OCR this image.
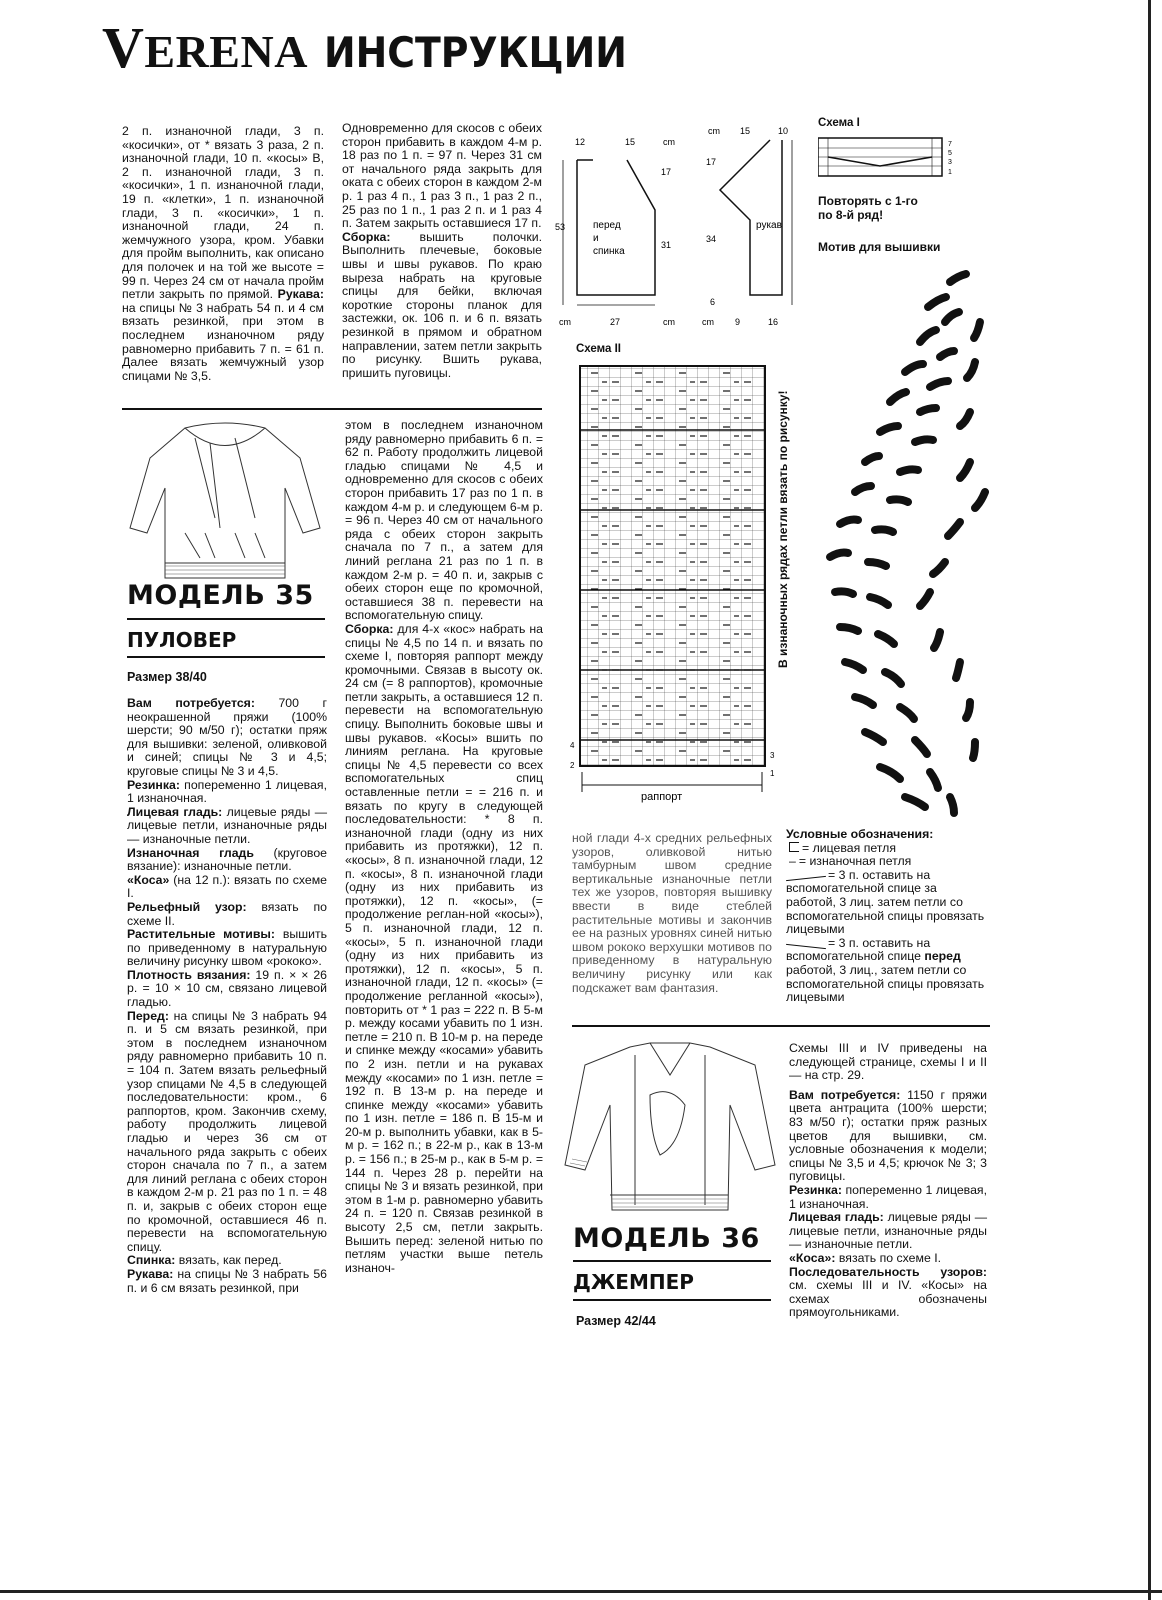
VERENA ИНСТРУКЦИИ

2 п. изнаночной глади, 3 п. «косички», от * вязать 3 раза, 2 п. изнаночной глади, 10 п. «косы» В, 2 п. изнаночной глади, 3 п. «косички», 1 п. изнаночной глади, 19 п. «клетки», 1 п. изнаночной глади, 3 п. «косички», 1 п. изнаночной глади, 24 п. жемчужного узора, кром. Убавки для пройм выполнить, как описано для полочек и на той же высоте = 99 п. Через 24 см от начала пройм петли закрыть по прямой. Рукава: на спицы № 3 набрать 54 п. и 4 см вязать резинкой, при этом в последнем изнаночном ряду равномерно прибавить 7 п. = 61 п. Далее вязать жемчужный узор спицами № 3,5.

Одновременно для скосов с обеих сторон прибавить в каждом 4-м р. 18 раз по 1 п. = 97 п. Через 31 см от начального ряда закрыть для оката с обеих сторон в каждом 2-м р. 1 раз 4 п., 1 раз 3 п., 1 раз 2 п., 25 раз по 1 п., 1 раз 2 п. и 1 раз 4 п. Затем закрыть оставшиеся 17 п.

Сборка: вышить полочки. Выполнить плечевые, боковые швы и швы рукавов. По краю выреза набрать на круговые спицы для бейки, включая короткие стороны планок для застежки, ок. 106 п. и 6 п. вязать резинкой в прямом и обратном направлении, затем петли закрыть по рисунку. Вшить рукава, пришить пуговицы.

12	15	cm
53
17
31
перед
и
спинка
cm	27	cm
cm 15	10
17
34
6
рукав
cm 9	16
Схема I
7
5
3
1
Повторять с 1-го по 8-й ряд!
Мотив для вышивки
Схема II
раппорт
4
2
3
1
В изнаночных рядах петли вязать по рисунку!
МОДЕЛЬ 35
ПУЛОВЕР
Размер 38/40

Вам потребуется: 700 г неокрашенной пряжи (100% шерсти; 90 м/50 г); остатки пряж для вышивки: зеленой, оливковой и синей; спицы № 3 и 4,5; круговые спицы № 3 и 4,5.

Резинка: попеременно 1 лицевая, 1 изнаночная.

Лицевая гладь: лицевые ряды — лицевые петли, изнаночные ряды — изнаночные петли.

Изнаночная гладь (круговое вязание): изнаночные петли.

«Коса» (на 12 п.): вязать по схеме I.

Рельефный узор: вязать по схеме II.

Растительные мотивы: вышить по приведенному в натуральную величину рисунку швом «рококо».

Плотность вязания: 19 п. × × 26 р. = 10 × 10 см, связано лицевой гладью.

Перед: на спицы № 3 набрать 94 п. и 5 см вязать резинкой, при этом в последнем изнаночном ряду равномерно прибавить 10 п. = 104 п. Затем вязать рельефный узор спицами № 4,5 в следующей последовательности: кром., 6 раппортов, кром. Закончив схему, работу продолжить лицевой гладью и через 36 см от начального ряда закрыть с обеих сторон сначала по 7 п., а затем для линий реглана с обеих сторон в каждом 2-м р. 21 раз по 1 п. = 48 п. и, закрыв с обеих сторон еще по кромочной, оставшиеся 46 п. перевести на вспомогательную спицу.

Спинка: вязать, как перед.

Рукава: на спицы № 3 набрать 56 п. и 6 см вязать резинкой, при

этом в последнем изнаночном ряду равномерно прибавить 6 п. = 62 п. Работу продолжить лицевой гладью спицами № 4,5 и одновременно для скосов с обеих сторон прибавить 17 раз по 1 п. в каждом 4-м р. и следующем 6-м р. = 96 п. Через 40 см от начального ряда с обеих сторон закрыть сначала по 7 п., а затем для линий реглана 21 раз по 1 п. в каждом 2-м р. = 40 п. и, закрыв с обеих сторон еще по кромочной, оставшиеся 38 п. перевести на вспомогательную спицу.

Сборка: для 4-х «кос» набрать на спицы № 4,5 по 14 п. и вязать по схеме I, повторяя раппорт между кромочными. Связав в высоту ок. 24 см (= 8 раппортов), кромочные петли закрыть, а оставшиеся 12 п. перевести на вспомогательную спицу. Выполнить боковые швы и швы рукавов. «Косы» вшить по линиям реглана. На круговые спицы № 4,5 перевести со всех вспомогательных спиц оставленные петли = = 216 п. и вязать по кругу в следующей последовательности: * 8 п. изнаночной глади (одну из них прибавить из протяжки), 12 п. «косы», 8 п. изнаночной глади, 12 п. «косы», 8 п. изнаночной глади (одну из них прибавить из протяжки), 12 п. «косы», (= продолжение реглан-ной «косы»), 5 п. изнаночной глади, 12 п. «косы», 5 п. изнаночной глади (одну из них прибавить из протяжки), 12 п. «косы», 5 п. изнаночной глади, 12 п. «косы» (= продолжение регланной «косы»), повторить от * 1 раз = 222 п. В 5-м р. между косами убавить по 1 изн. петле = 210 п. В 10-м р. на переде и спинке между «косами» убавить по 2 изн. петли и на рукавах между «косами» по 1 изн. петле = 192 п. В 13-м р. на переде и спинке между «косами» убавить по 1 изн. петле = 186 п. В 15-м и 20-м р. выполнить убавки, как в 5-м р. = 162 п.; в 22-м р., как в 13-м р. = 156 п.; в 25-м р., как в 5-м р. = 144 п. Через 28 р. перейти на спицы № 3 и вязать резинкой, при этом в 1-м р. равномерно убавить 24 п. = 120 п. Связав резинкой в высоту 2,5 см, петли закрыть. Вышить перед: зеленой нитью по петлям участки выше петель изнаноч-

ной глади 4-х средних рельефных узоров, оливковой нитью тамбурным швом средние вертикальные изнаночные петли тех же узоров, повторяя вышивку ввести в виде стеблей растительные мотивы и закончив ее на разных уровнях синей нитью швом рококо верхушки мотивов по приведенному в натуральную величину рисунку или как подскажет вам фантазия.

Условные обозначения:

= лицевая петля

– = изнаночная петля

= 3 п. оставить на вспомогательной спице за работой, 3 лиц. затем петли со вспомогательной спицы провязать лицевыми

= 3 п. оставить на вспомогательной спице перед работой, 3 лиц., затем петли со вспомогательной спицы провязать лицевыми

МОДЕЛЬ 36
ДЖЕМПЕР
Размер 42/44

Схемы III и IV приведены на следующей странице, схемы I и II — на стр. 29.

Вам потребуется: 1150 г пряжи цвета антрацита (100% шерсти; 83 м/50 г); остатки пряж разных цветов для вышивки, см. условные обозначения к модели; спицы № 3,5 и 4,5; крючок № 3; 3 пуговицы.

Резинка: попеременно 1 лицевая, 1 изнаночная.

Лицевая гладь: лицевые ряды — лицевые петли, изнаночные ряды — изнаночные петли.

«Коса»: вязать по схеме I.

Последовательность узоров: см. схемы III и IV. «Косы» на схемах обозначены прямоугольниками.
